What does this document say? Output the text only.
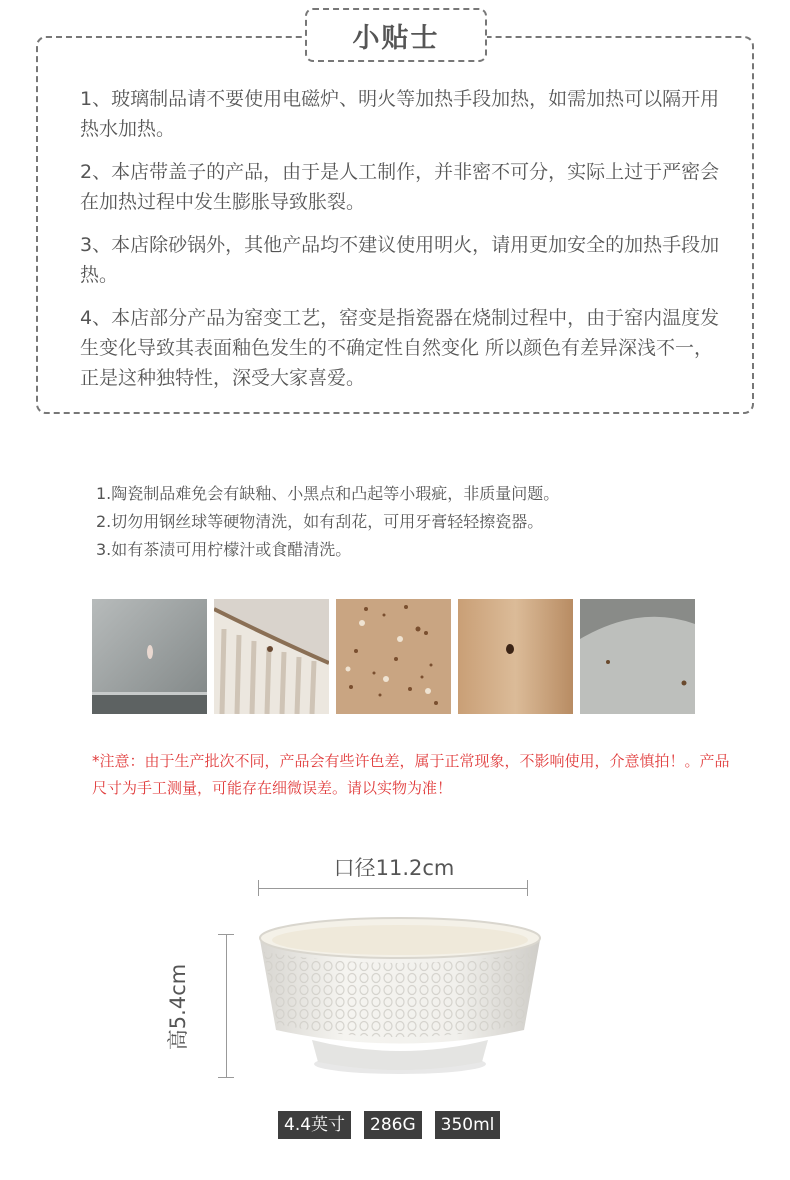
小贴士
1、玻璃制品请不要使用电磁炉、明火等加热手段加热，如需加热可以隔开用热水加热。
2、本店带盖子的产品，由于是人工制作，并非密不可分，实际上过于严密会在加热过程中发生膨胀导致胀裂。
3、本店除砂锅外，其他产品均不建议使用明火，请用更加安全的加热手段加热。
4、本店部分产品为窑变工艺，窑变是指瓷器在烧制过程中，由于窑内温度发生变化导致其表面釉色发生的不确定性自然变化 所以颜色有差异深浅不一，正是这种独特性，深受大家喜爱。
1.陶瓷制品难免会有缺釉、小黑点和凸起等小瑕疵，非质量问题。
2.切勿用钢丝球等硬物清洗，如有刮花，可用牙膏轻轻擦瓷器。
3.如有茶渍可用柠檬汁或食醋清洗。
*注意：由于生产批次不同，产品会有些许色差，属于正常现象，不影响使用，介意慎拍！。产品尺寸为手工测量，可能存在细微误差。请以实物为准！
口径11.2cm
高5.4cm
4.4英寸	286G	350ml
